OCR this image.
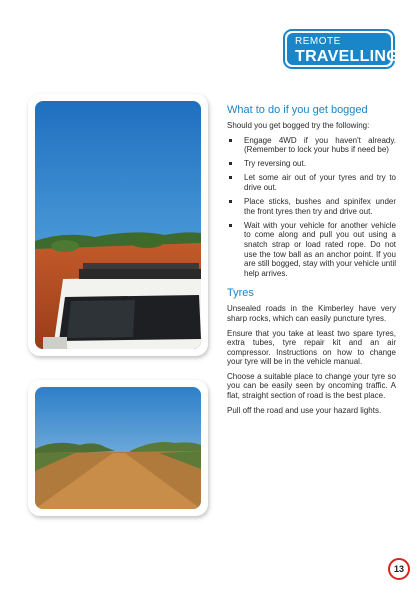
REMOTE
TRAVELLING
What to do if you get bogged

Should you get bogged try the following:

Engage 4WD if you haven't already. (Remember to lock your hubs if need be)
Try reversing out.
Let some air out of your tyres and try to drive out.
Place sticks, bushes and spinifex under the front tyres then try and drive out.
Wait with your vehicle for another vehicle to come along and pull you out using a snatch strap or load rated rope. Do not use the tow ball as an anchor point. If you are still bogged, stay with your vehicle until help arrives.
Tyres

Unsealed roads in the Kimberley have very sharp rocks, which can easily puncture tyres.

Ensure that you take at least two spare tyres, extra tubes, tyre repair kit and an air compressor. Instructions on how to change your tyre will be in the vehicle manual.

Choose a suitable place to change your tyre so you can be easily seen by oncoming traffic. A flat, straight section of road is the best place.

Pull off the road and use your hazard lights.

13
